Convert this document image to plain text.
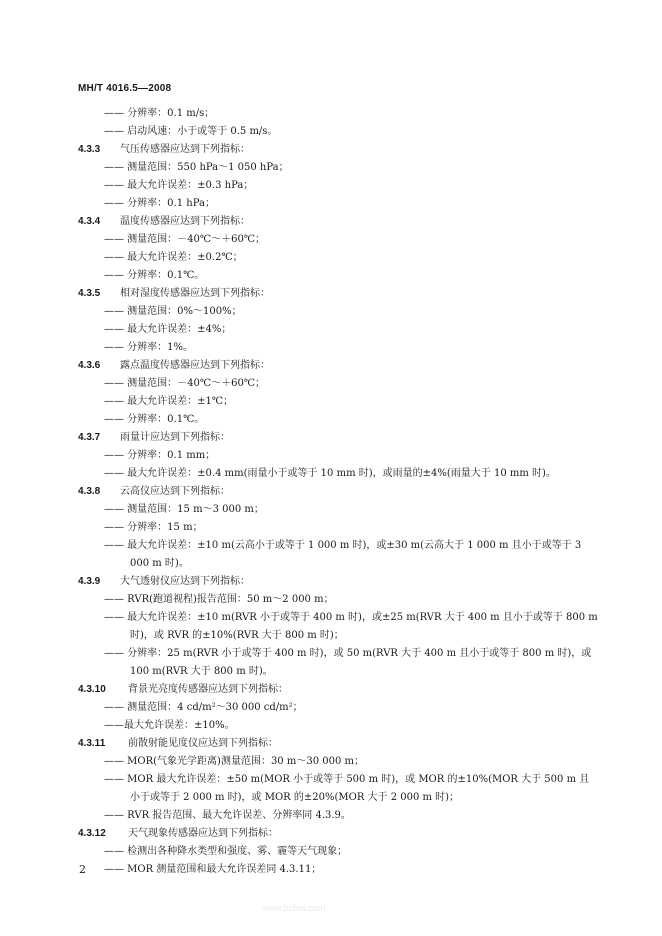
MH/T 4016.5—2008
—— 分辨率：0.1 m/s；
—— 启动风速：小于或等于 0.5 m/s。
4.3.3 气压传感器应达到下列指标：
—— 测量范围：550 hPa～1 050 hPa；
—— 最大允许误差：±0.3 hPa；
—— 分辨率：0.1 hPa；
4.3.4 温度传感器应达到下列指标：
—— 测量范围：－40℃～＋60℃；
—— 最大允许误差：±0.2℃；
—— 分辨率：0.1℃。
4.3.5 相对湿度传感器应达到下列指标：
—— 测量范围：0%～100%；
—— 最大允许误差：±4%；
—— 分辨率：1%。
4.3.6 露点温度传感器应达到下列指标：
—— 测量范围：－40℃～＋60℃；
—— 最大允许误差：±1℃；
—— 分辨率：0.1℃。
4.3.7 雨量计应达到下列指标：
—— 分辨率：0.1 mm；
—— 最大允许误差：±0.4 mm(雨量小于或等于 10 mm 时)，或雨量的±4%(雨量大于 10 mm 时)。
4.3.8 云高仪应达到下列指标：
—— 测量范围：15 m～3 000 m；
—— 分辨率：15 m；
—— 最大允许误差：±10 m(云高小于或等于 1 000 m 时)，或±30 m(云高大于 1 000 m 且小于或等于 3 000 m 时)。
4.3.9 大气透射仪应达到下列指标：
—— RVR(跑道视程)报告范围：50 m～2 000 m；
—— 最大允许误差：±10 m(RVR 小于或等于 400 m 时)，或±25 m(RVR 大于 400 m 且小于或等于 800 m 时)，或 RVR 的±10%(RVR 大于 800 m 时)；
—— 分辨率：25 m(RVR 小于或等于 400 m 时)，或 50 m(RVR 大于 400 m 且小于或等于 800 m 时)，或 100 m(RVR 大于 800 m 时)。
4.3.10 背景光亮度传感器应达到下列指标：
—— 测量范围：4 cd/m²～30 000 cd/m²；
——最大允许误差：±10%。
4.3.11 前散射能见度仪应达到下列指标：
—— MOR(气象光学距离)测量范围：30 m～30 000 m；
—— MOR 最大允许误差：±50 m(MOR 小于或等于 500 m 时)，或 MOR 的±10%(MOR 大于 500 m 且小于或等于 2 000 m 时)，或 MOR 的±20%(MOR 大于 2 000 m 时)；
—— RVR 报告范围、最大允许误差、分辨率同 4.3.9。
4.3.12 天气现象传感器应达到下列指标：
—— 检测出各种降水类型和强度、雾、霾等天气现象；
—— MOR 测量范围和最大允许误差同 4.3.11；
2
www.bzfxw.com
